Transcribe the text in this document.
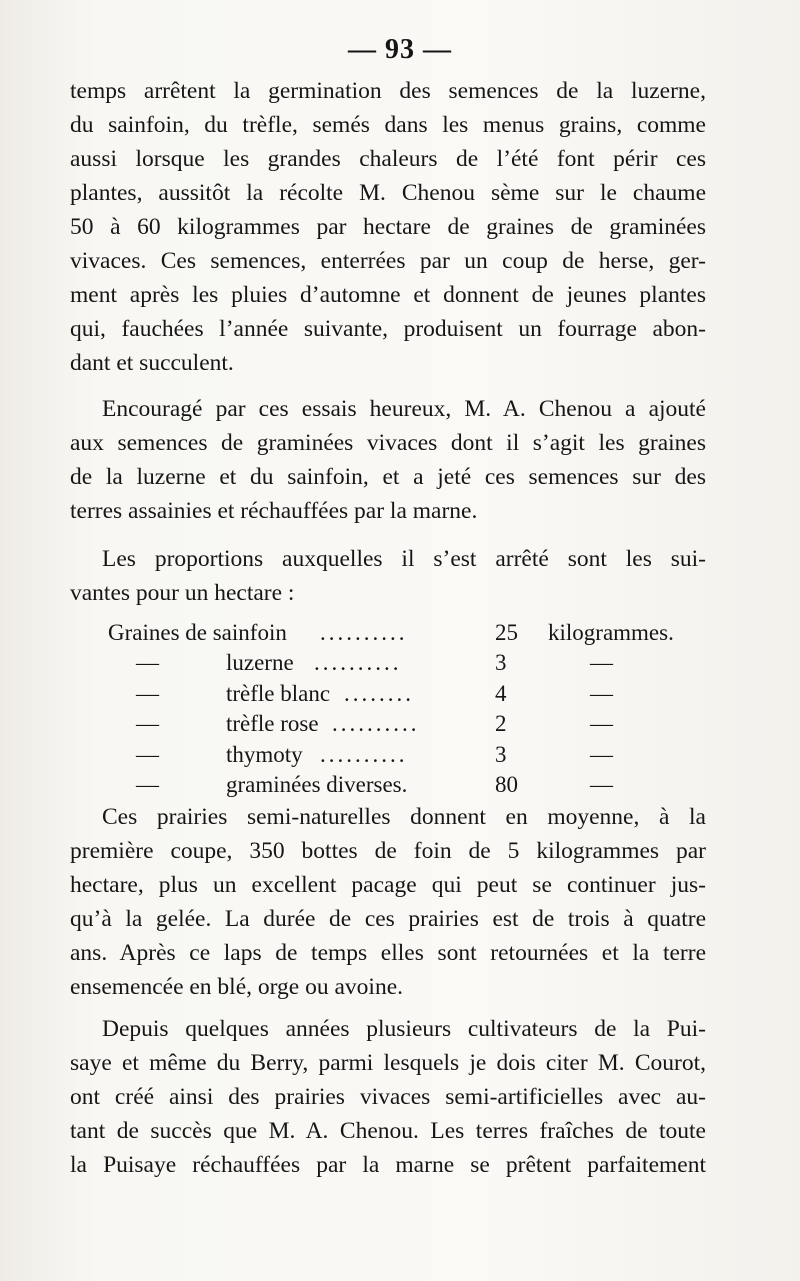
— 93 —
temps arrêtent la germination des semences de la luzerne,
du sainfoin, du trèfle, semés dans les menus grains, comme
aussi lorsque les grandes chaleurs de l’été font périr ces
plantes, aussitôt la récolte M. Chenou sème sur le chaume
50 à 60 kilogrammes par hectare de graines de graminées
vivaces. Ces semences, enterrées par un coup de herse, ger-
ment après les pluies d’automne et donnent de jeunes plantes
qui, fauchées l’année suivante, produisent un fourrage abon-
dant et succulent.
Encouragé par ces essais heureux, M. A. Chenou a ajouté
aux semences de graminées vivaces dont il s’agit les graines
de la luzerne et du sainfoin, et a jeté ces semences sur des
terres assainies et réchauffées par la marne.
Les proportions auxquelles il s’est arrêté sont les sui-
vantes pour un hectare :
Graines de sainfoin ..........	25 kilogrammes.
—	luzerne ..........	3	—
—	trèfle blanc ........	4	—
—	trèfle rose ..........	2	—
—	thymoty ..........	3	—
—	graminées diverses.	80	—
Ces prairies semi-naturelles donnent en moyenne, à la
première coupe, 350 bottes de foin de 5 kilogrammes par
hectare, plus un excellent pacage qui peut se continuer jus-
qu’à la gelée. La durée de ces prairies est de trois à quatre
ans. Après ce laps de temps elles sont retournées et la terre
ensemencée en blé, orge ou avoine.
Depuis quelques années plusieurs cultivateurs de la Pui-
saye et même du Berry, parmi lesquels je dois citer M. Courot,
ont créé ainsi des prairies vivaces semi-artificielles avec au-
tant de succès que M. A. Chenou. Les terres fraîches de toute
la Puisaye réchauffées par la marne se prêtent parfaitement
